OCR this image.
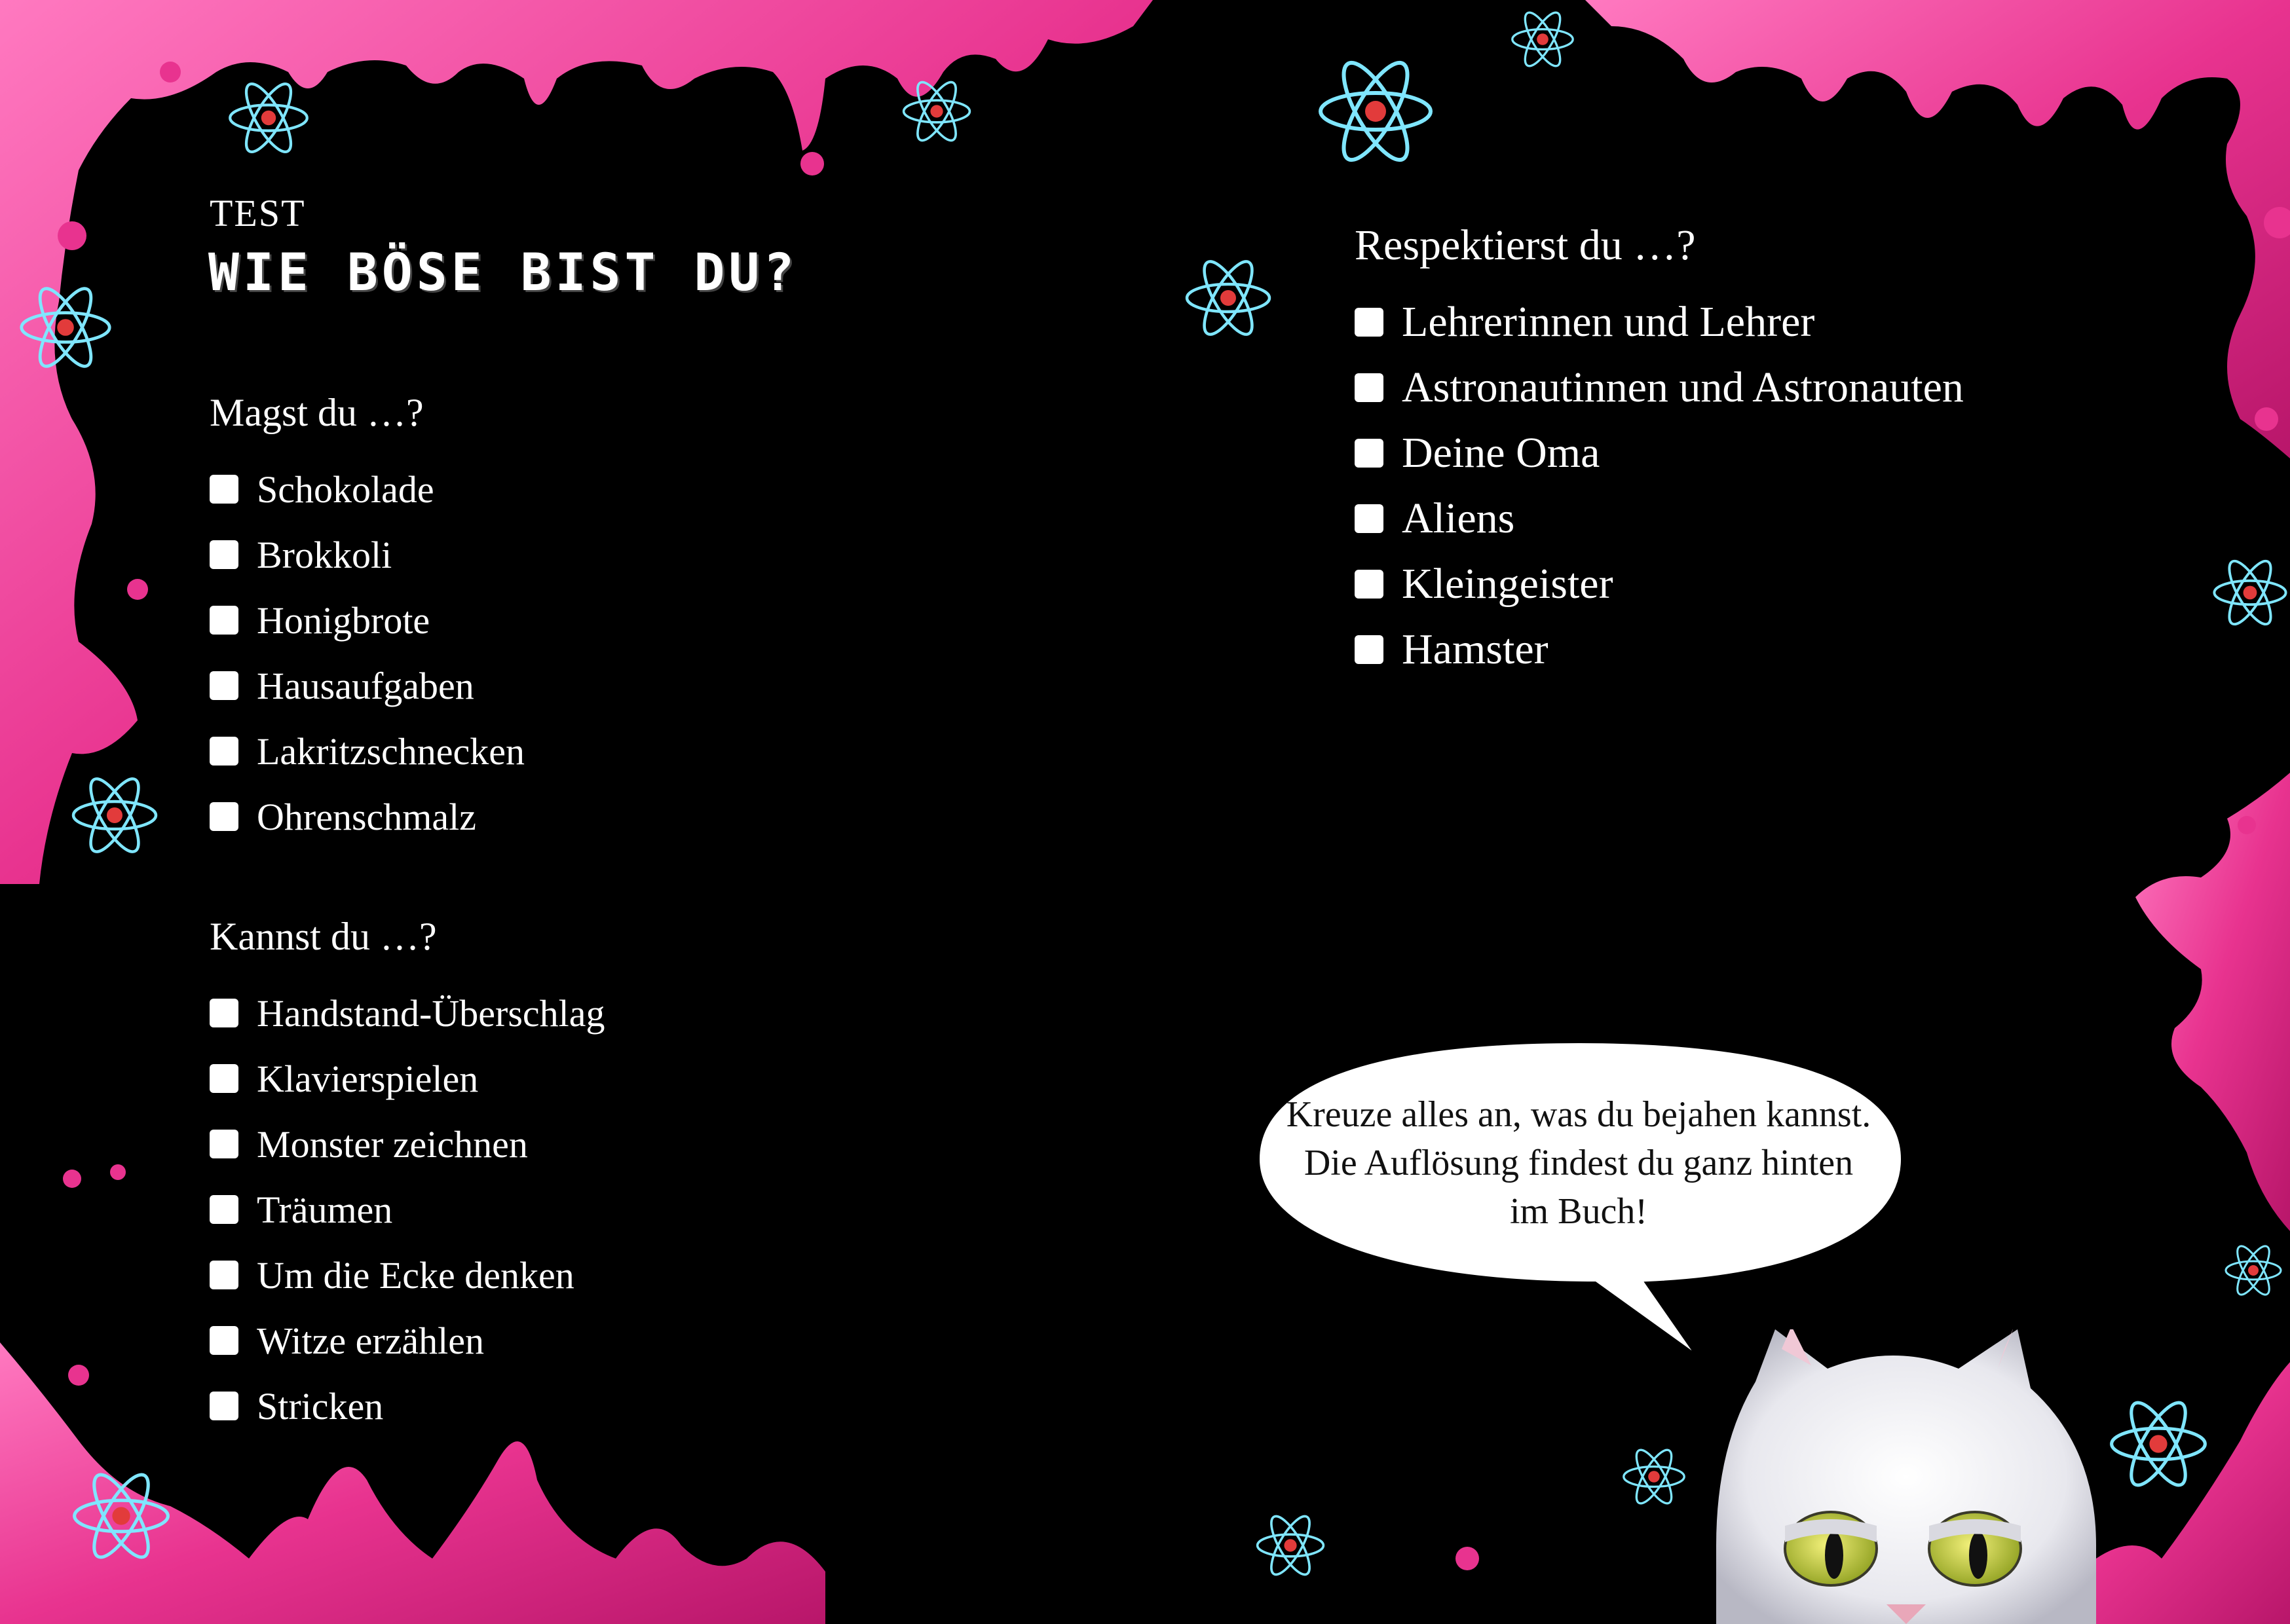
TEST
WIE BÖSE BIST DU?
Magst du …?
Schokolade
Brokkoli
Honigbrote
Hausaufgaben
Lakritzschnecken
Ohrenschmalz
Kannst du …?
Handstand-Überschlag
Klavierspielen
Monster zeichnen
Träumen
Um die Ecke denken
Witze erzählen
Stricken
Respektierst du …?
Lehrerinnen und Lehrer
Astronautinnen und Astronauten
Deine Oma
Aliens
Kleingeister
Hamster
Kreuze alles an, was du bejahen kannst. Die Auflösung findest du ganz hinten im Buch!
